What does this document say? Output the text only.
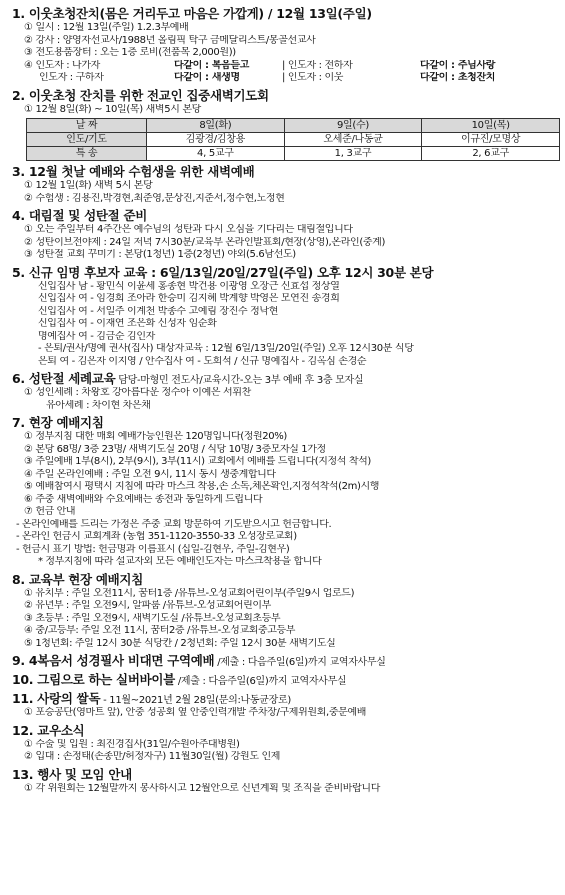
1. 이웃초청잔치(몸은 거리두고 마음은 가깝게) / 12월 13일(주일)
① 일시 : 12월 13일(주일) 1.2.3부예배
② 강사 : 양영자선교사/1988년 올림픽 탁구 금메달리스트/몽골선교사
③ 전도용품장터 : 오는 1층 로비(전품목 2,000원))
④ 인도자 : 나가자	다같이 : 복음듣고	| 인도자 : 전하자	다같이 : 주님사랑
인도자 : 구하자	다같이 : 새생명	| 인도자 : 이웃	다같이 : 초청잔치
2. 이웃초청 잔치를 위한 전교인 집중새벽기도회
① 12월 8일(화) ~ 10일(목) 새벽5시 본당
날 짜	8일(화)	9일(수)	10일(목)
인도/기도	김광경/김창용	오세준/나동균	이규진/모명상
특 송	4, 5교구	1, 3교구	2, 6교구
3. 12월 첫날 예배와 수험생을 위한 새벽예배
① 12월 1일(화) 새벽 5시 본당
② 수험생 : 김용진,박경현,최준영,문상진,지준서,정수현,노정현
4. 대림절 및 성탄절 준비
① 오는 주일부터 4주간은 예수님의 성탄과 다시 오심을 기다리는 대림절입니다
② 성탄이브전야제 : 24일 저녁 7시30분/교육부 온라인발표회/현장(상영),온라인(중계)
③ 성탄절 교회 꾸미기 : 본당(1청년) 1층(2청년) 야외(5.6남선도)
5. 신규 임명 후보자 교육 : 6일/13일/20일/27일(주일) 오후 12시 30분 본당
신입집사 남 - 황민식 이윤세 홍종현 박건용 이광영 오장근 신효섭 정상열
신입집사 여 - 임경희 조아라 한승미 김지혜 박계향 박영은 모연진 송경희
신입집사 여 - 서일주 이계천 박종수 고예림 장진수 정낙현
신입집사 여 - 이재연 조은화 신성자 임순화
명예집사 여 - 김금순 김인자
- 은퇴/권사/명예 권사(집사) 대상자교육 : 12월 6일/13일/20일(주일) 오후 12시30분 식당
은퇴 여 - 김은자 이지영 / 안수집사 여 - 도희석 / 신규 명예집사 - 김옥심 손경순
6. 성탄절 세례교육 담당-마형민 전도사/교육시간-오는 3부 예배 후 3층 모자실
① 성인세례 : 차왕호 강아름다운 정수아 이예은 서휘찬
유아세례 : 차이현 차은채
7. 현장 예배지침
① 정부지침 대한 매회 예배가능인원은 120명입니다(정원20%)
② 본당 68명/ 3층 23명/ 새벽기도실 20명 / 식당 10명/ 3층모자실 1가정
③ 주일예배 1부(8시), 2부(9시), 3부(11시) 교회에서 예배를 드립니다(지정석 착석)
④ 주일 온라인예배 : 주일 오전 9시, 11시 동시 생중계합니다
⑤ 예배참여시 평택시 지침에 따라 마스크 착용,손 소독,체온확인,지정석착석(2m)시행
⑥ 주중 새벽예배와 수요예배는 종전과 동일하게 드립니다
⑦ 헌금 안내
- 온라인예배를 드리는 가정은 주중 교회 방문하여 기도받으시고 헌금합니다.
- 온라인 헌금시 교회계좌 (농협 351-1120-3550-33 오성장로교회)
- 헌금시 표기 방법: 헌금명과 이름표시 (십일-김현우, 주일-김현우)
* 정부지침에 따라 설교자외 모든 예배인도자는 마스크착용을 합니다
8. 교육부 현장 예배지침
① 유치부 : 주일 오전11시, 꿈터1층 /유튜브-오성교회어린이부(주일9시 업로드)
② 유년부 : 주일 오전9시, 알파룸 /유튜브-오성교회어린이부
③ 초등부 : 주일 오전9시, 새벽기도실 /유튜브-오성교회초등부
④ 중/고등부: 주일 오전 11시, 꿈터2층 /유튜브-오성교회중고등부
⑤ 1청년회: 주일 12시 30분 식당칸 / 2청년회: 주일 12시 30분 새벽기도실
9. 4복음서 성경필사 비대면 구역예배 /제출 : 다음주일(6일)까지 교역자사무실
10. 그림으로 하는 실버바이블 /제출 : 다음주일(6일)까지 교역자사무실
11. 사랑의 쌀독 - 11월~2021년 2월 28일(문의:나동균장로)
① 포승공단(영마트 앞), 안중 성공회 옆 안중인력개발 주차장/구제위원회,중문예배
12. 교우소식
① 수술 및 입원 : 최진경집사(31일/수원아주대병원)
② 입대 : 손정태(손종만/허정자구) 11월30일(월) 강원도 인제
13. 행사 및 모임 안내
① 각 위원회는 12월말까지 봉사하시고 12월안으로 신년계획 및 조직을 준비바랍니다
